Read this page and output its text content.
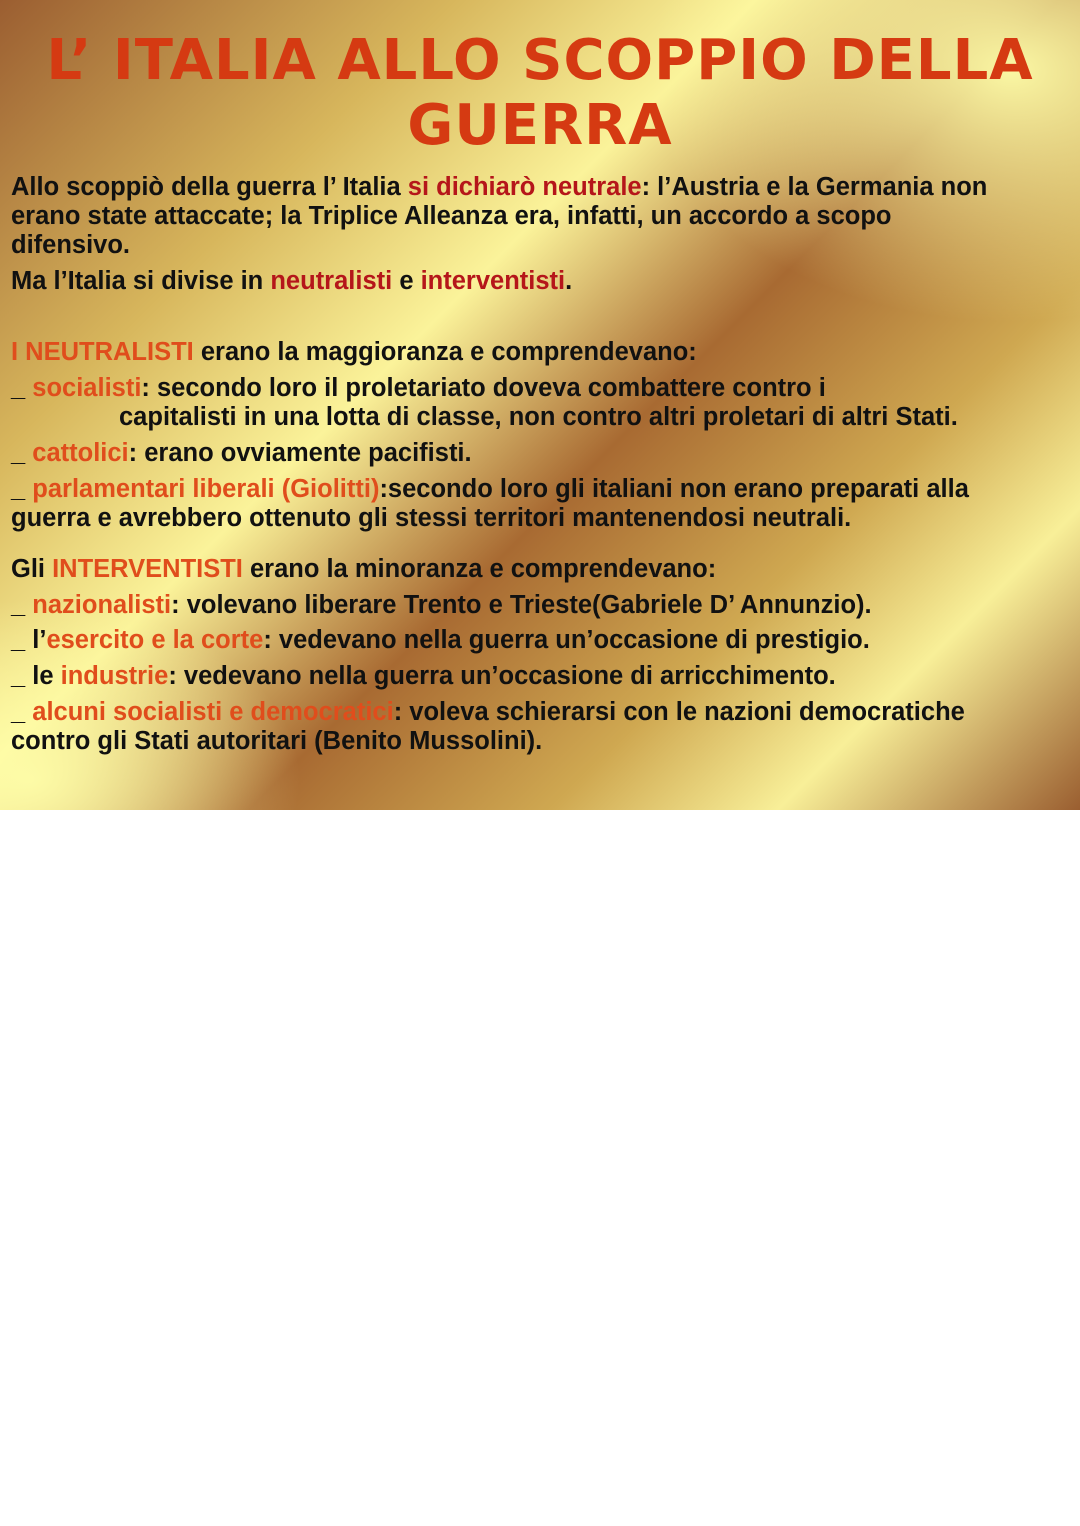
L’ ITALIA ALLO SCOPPIO DELLA
GUERRA

Allo scoppiò della guerra l’ Italia si dichiarò neutrale: l’Austria e la Germania non

erano state attaccate; la Triplice Alleanza era, infatti, un accordo a scopo

difensivo.

Ma l’Italia si divise in neutralisti e interventisti.

I NEUTRALISTI erano la maggioranza e comprendevano:

_ socialisti: secondo loro il proletariato doveva combattere contro i

capitalisti in una lotta di classe, non contro altri proletari di altri Stati.

_ cattolici: erano ovviamente pacifisti.

_ parlamentari liberali (Giolitti):secondo loro gli italiani non erano preparati alla

guerra e avrebbero ottenuto gli stessi territori mantenendosi neutrali.

Gli INTERVENTISTI erano la minoranza e comprendevano:

_ nazionalisti: volevano liberare Trento e Trieste(Gabriele D’ Annunzio).

_ l’esercito e la corte: vedevano nella guerra un’occasione di prestigio.

_ le industrie: vedevano nella guerra un’occasione di arricchimento.

_ alcuni socialisti e democratici: voleva schierarsi con le nazioni democratiche

contro gli Stati autoritari (Benito Mussolini).
